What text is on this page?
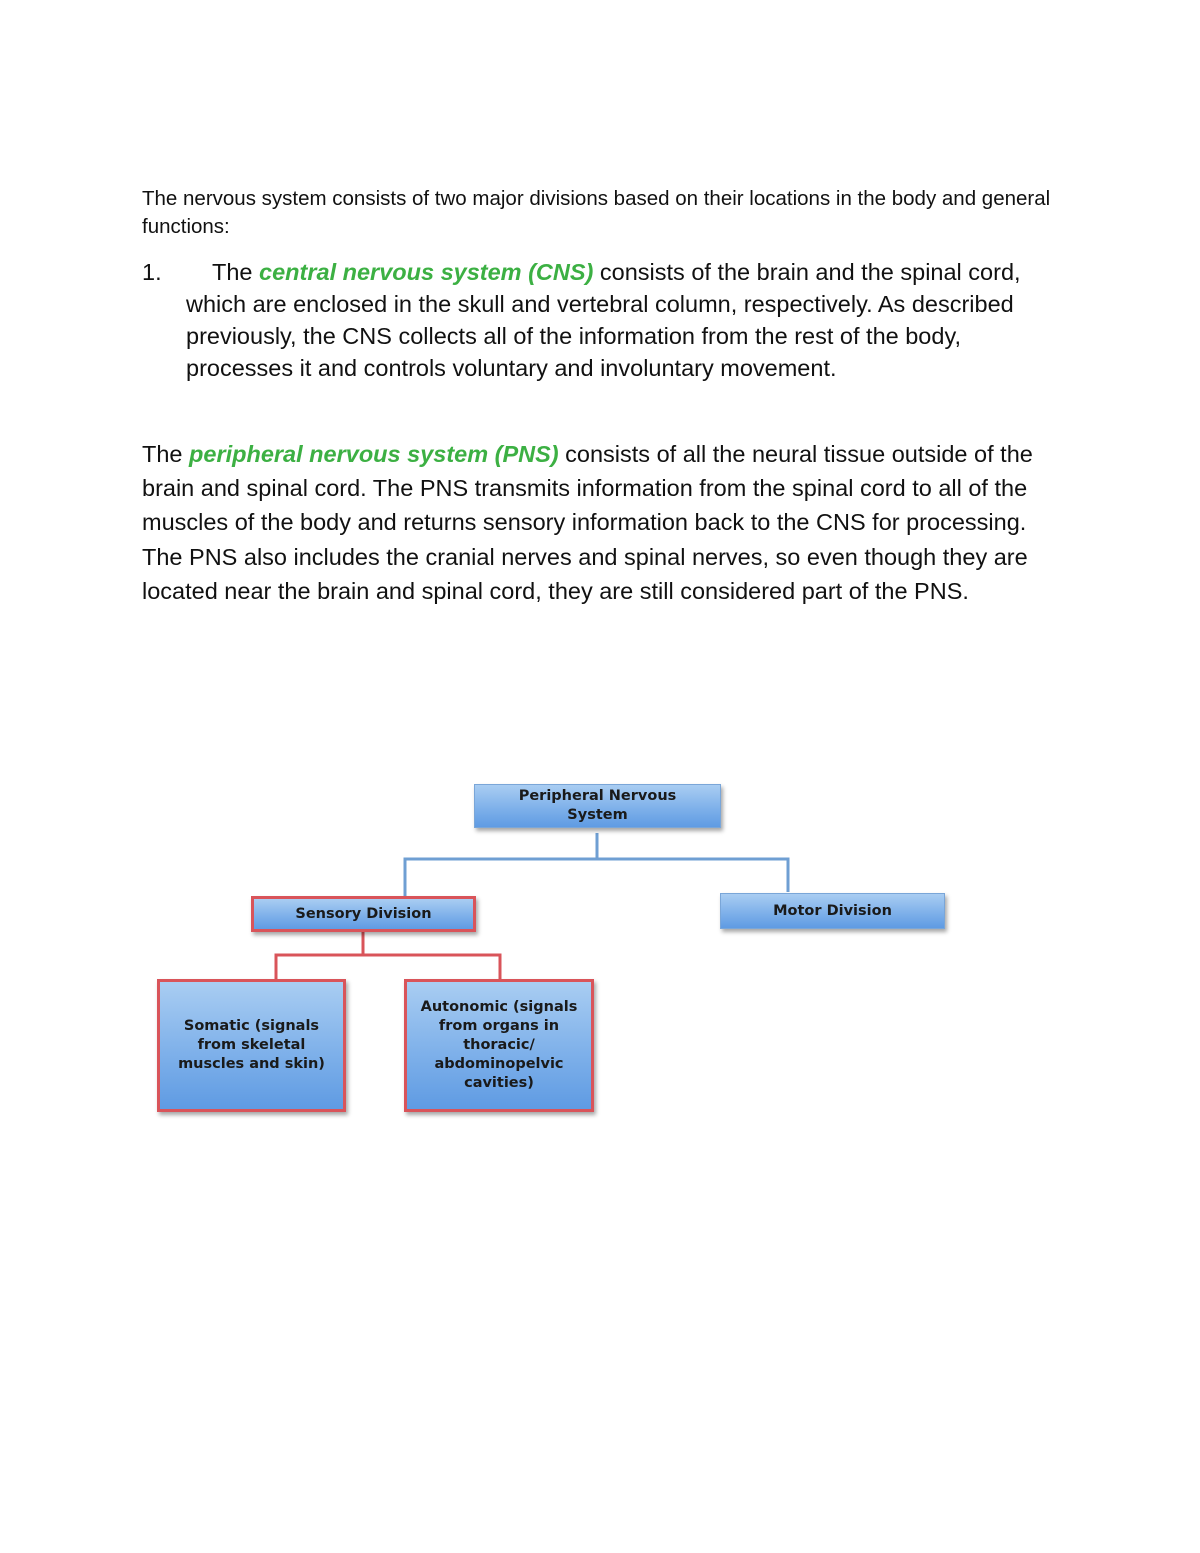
The nervous system consists of two major divisions based on their locations in the body and general functions:

1.	The central nervous system (CNS) consists of the brain and the spinal cord, which are enclosed in the skull and vertebral column, respectively. As described previously, the CNS collects all of the information from the rest of the body, processes it and controls voluntary and involuntary movement.

The peripheral nervous system (PNS) consists of all the neural tissue outside of the brain and spinal cord. The PNS transmits information from the spinal cord to all of the muscles of the body and returns sensory information back to the CNS for processing. The PNS also includes the cranial nerves and spinal nerves, so even though they are located near the brain and spinal cord, they are still considered part of the PNS.

Peripheral Nervous System
Sensory Division	Motor Division
Somatic (signals from skeletal muscles and skin)
Autonomic (signals from organs in thoracic/ abdominopelvic cavities)
